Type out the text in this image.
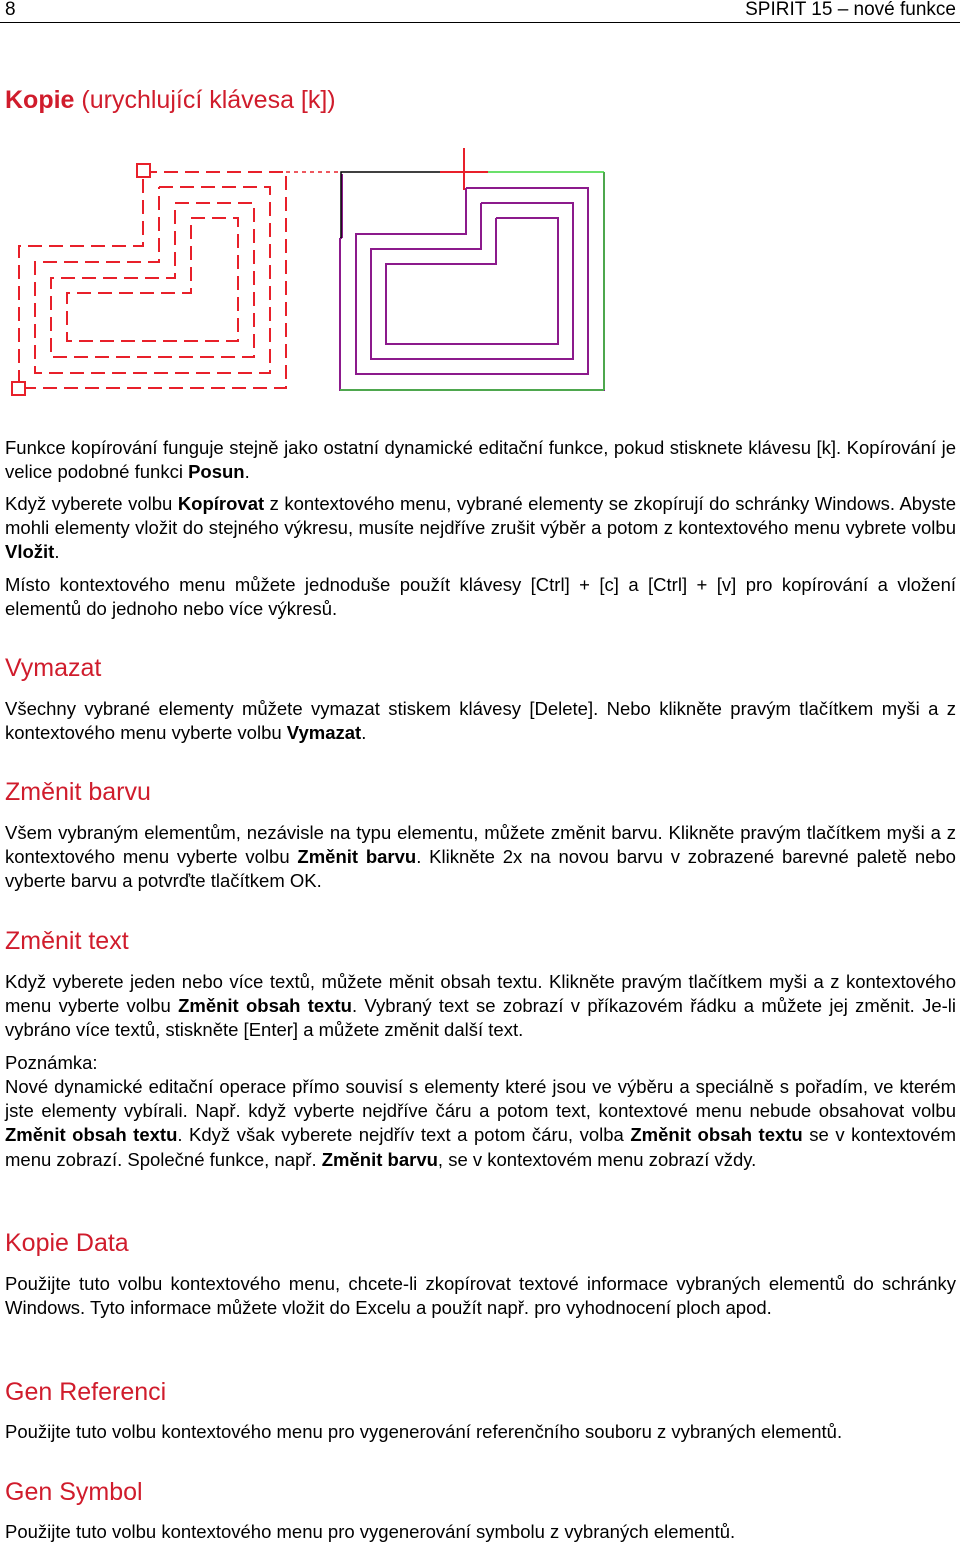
8	SPIRIT 15 – nové funkce
Kopie (urychlující klávesa [k])

Funkce kopírování funguje stejně jako ostatní dynamické editační funkce, pokud stisknete klávesu [k]. Kopírování je velice podobné funkci Posun.

Když vyberete volbu Kopírovat z kontextového menu, vybrané elementy se zkopírují do schránky Windows. Abyste mohli elementy vložit do stejného výkresu, musíte nejdříve zrušit výběr a potom z kontextového menu vybrete volbu Vložit.

Místo kontextového menu můžete jednoduše použít klávesy [Ctrl] + [c] a [Ctrl] + [v] pro kopírování a vložení elementů do jednoho nebo více výkresů.

Vymazat

Všechny vybrané elementy můžete vymazat stiskem klávesy [Delete]. Nebo klikněte pravým tlačítkem myši a z kontextového menu vyberte volbu Vymazat.

Změnit barvu

Všem vybraným elementům, nezávisle na typu elementu, můžete změnit barvu. Klikněte pravým tlačítkem myši a z kontextového menu vyberte volbu Změnit barvu. Klikněte 2x na novou barvu v zobrazené barevné paletě nebo vyberte barvu a potvrďte tlačítkem OK.

Změnit text

Když vyberete jeden nebo více textů, můžete měnit obsah textu. Klikněte pravým tlačítkem myši a z kontextového menu vyberte volbu Změnit obsah textu. Vybraný text se zobrazí v příkazovém řádku a můžete jej změnit. Je-li vybráno více textů, stiskněte [Enter] a můžete změnit další text.

Poznámka:

Nové dynamické editační operace přímo souvisí s elementy které jsou ve výběru a speciálně s pořadím, ve kterém jste elementy vybírali. Např. když vyberte nejdříve čáru a potom text, kontextové menu nebude obsahovat volbu Změnit obsah textu. Když však vyberete nejdřív text a potom čáru, volba Změnit obsah textu se v kontextovém menu zobrazí. Společné funkce, např. Změnit barvu, se v kontextovém menu zobrazí vždy.

Kopie Data

Použijte tuto volbu kontextového menu, chcete-li zkopírovat textové informace vybraných elementů do schránky Windows. Tyto informace můžete vložit do Excelu a použít např. pro vyhodnocení ploch apod.

Gen Referenci

Použijte tuto volbu kontextového menu pro vygenerování referenčního souboru z vybraných elementů.

Gen Symbol

Použijte tuto volbu kontextového menu pro vygenerování symbolu z vybraných elementů.
